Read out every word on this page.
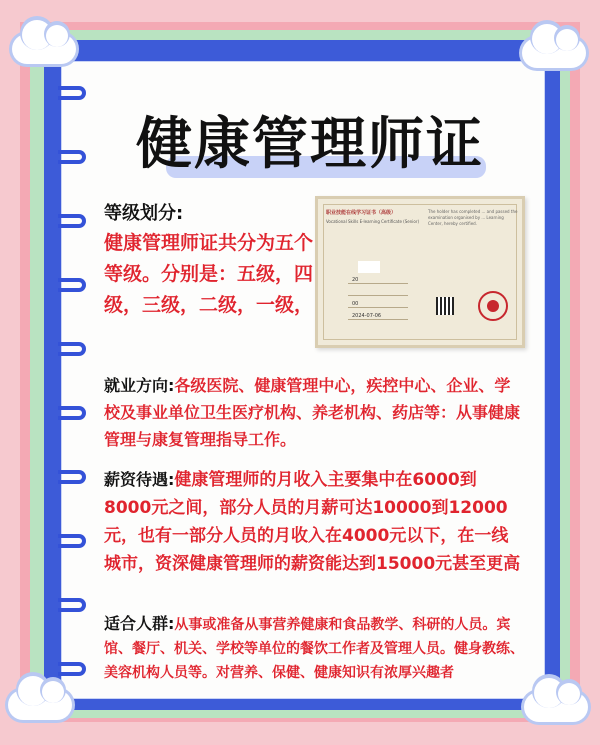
健康管理师证
等级划分:
健康管理师证共分为五个等级。分别是：五级，四级，三级，二级，一级，
职业技能在线学习证书（高级）
Vocational Skills E-learning Certificate (Senior)
The holder has completed ... and passed the examination organised by ... Learning Center, hereby certified.
20
00
2024-07-06
就业方向:各级医院、健康管理中心，疾控中心、企业、学校及事业单位卫生医疗机构、养老机构、药店等：从事健康管理与康复管理指导工作。
薪资待遇:健康管理师的月收入主要集中在6000到8000元之间，部分人员的月薪可达10000到12000元，也有一部分人员的月收入在4000元以下，在一线城市，资深健康管理师的薪资能达到15000元甚至更高
适合人群:从事或准备从事营养健康和食品教学、科研的人员。宾馆、餐厅、机关、学校等单位的餐饮工作者及管理人员。健身教练、美容机构人员等。对营养、保健、健康知识有浓厚兴趣者
